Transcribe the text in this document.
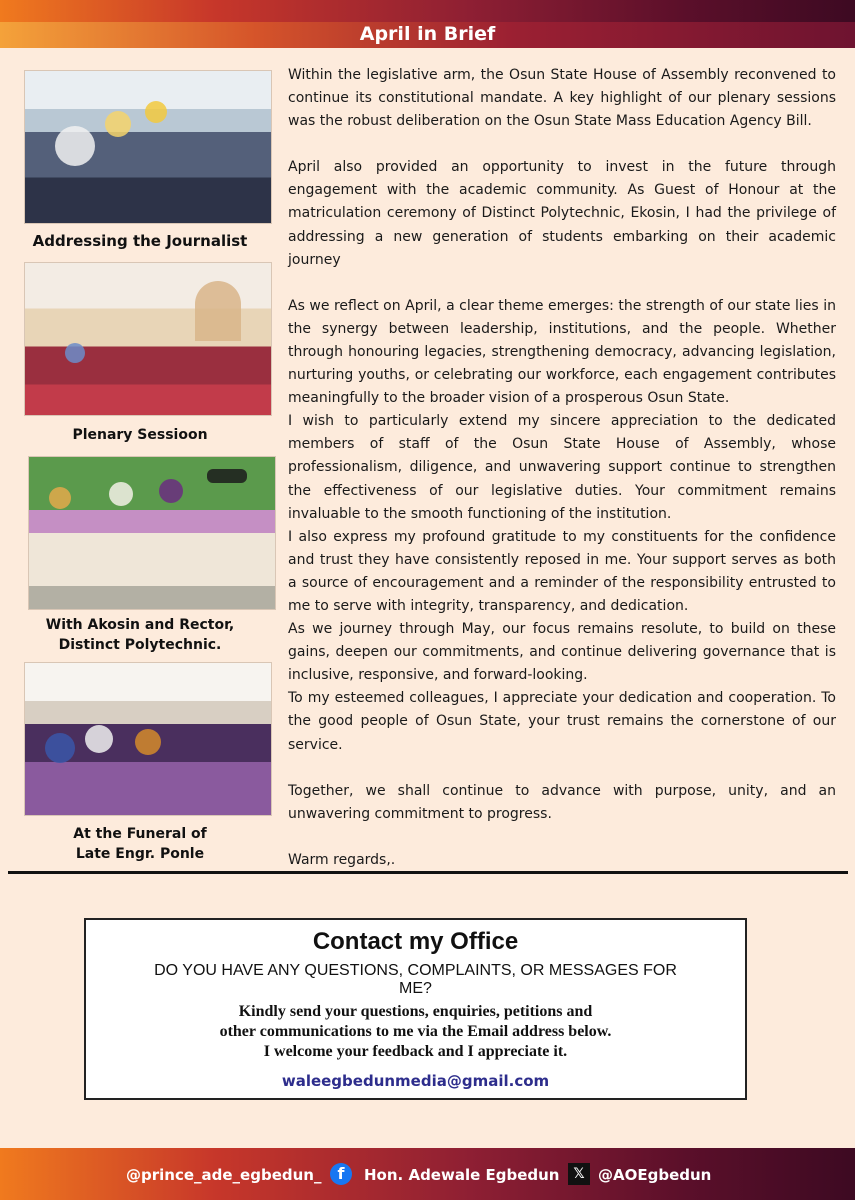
April in Brief
Addressing the Journalist
Plenary Sessioon
With Akosin and Rector,
Distinct Polytechnic.
At the Funeral of
Late Engr. Ponle

Within the legislative arm, the Osun State House of Assembly reconvened to continue its constitutional mandate. A key highlight of our plenary sessions was the robust deliberation on the Osun State Mass Education Agency Bill.

April also provided an opportunity to invest in the future through engagement with the academic community. As Guest of Honour at the matriculation ceremony of Distinct Polytechnic, Ekosin, I had the privilege of addressing a new generation of students embarking on their academic journey

As we reflect on April, a clear theme emerges: the strength of our state lies in the synergy between leadership, institutions, and the people. Whether through honouring legacies, strengthening democracy, advancing legislation, nurturing youths, or celebrating our workforce, each engagement contributes meaningfully to the broader vision of a prosperous Osun State.

I wish to particularly extend my sincere appreciation to the dedicated members of staff of the Osun State House of Assembly, whose professionalism, diligence, and unwavering support continue to strengthen the effectiveness of our legislative duties. Your commitment remains invaluable to the smooth functioning of the institution.

I also express my profound gratitude to my constituents for the confidence and trust they have consistently reposed in me. Your support serves as both a source of encouragement and a reminder of the responsibility entrusted to me to serve with integrity, transparency, and dedication.

As we journey through May, our focus remains resolute, to build on these gains, deepen our commitments, and continue delivering governance that is inclusive, responsive, and forward-looking.

To my esteemed colleagues, I appreciate your dedication and cooperation. To the good people of Osun State, your trust remains the cornerstone of our service.

Together, we shall continue to advance with purpose, unity, and an unwavering commitment to progress.

Warm regards,.

Contact my Office
DO YOU HAVE ANY QUESTIONS, COMPLAINTS, OR MESSAGES FOR ME?
Kindly send your questions, enquiries, petitions and
other communications to me via the Email address below.
I welcome your feedback and I appreciate it.
waleegbedunmedia@gmail.com
@prince_ade_egbedun_	f	Hon. Adewale Egbedun 𝕏 @AOEgbedun
